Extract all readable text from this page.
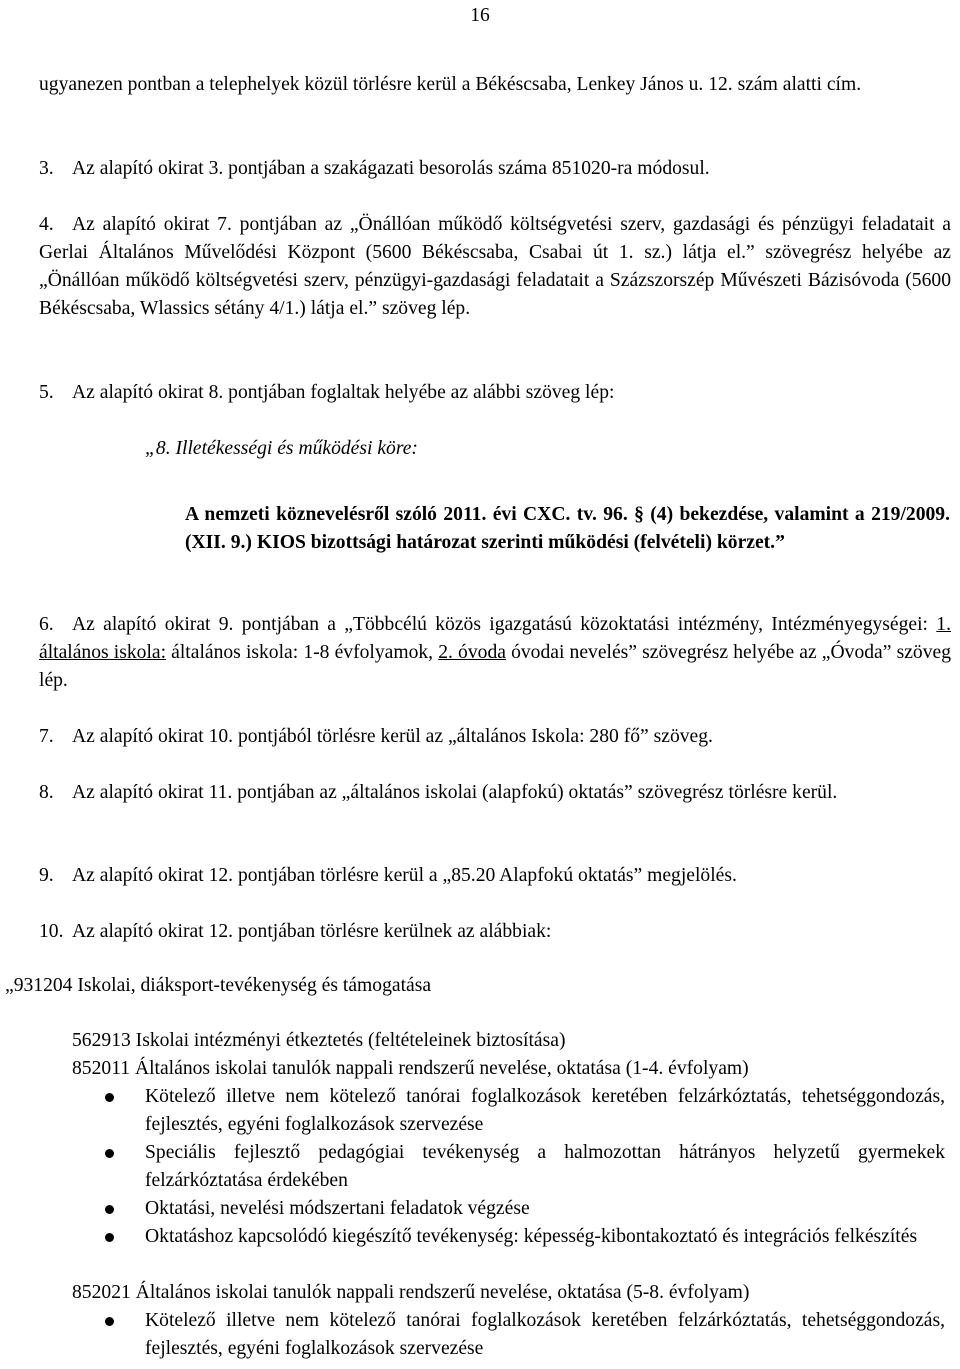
16

ugyanezen pontban a telephelyek közül törlésre kerül a Békéscsaba, Lenkey János u. 12. szám alatti cím.

3. Az alapító okirat 3. pontjában a szakágazati besorolás száma 851020-ra módosul.

4. Az alapító okirat 7. pontjában az „Önállóan működő költségvetési szerv, gazdasági és pénzügyi feladatait a Gerlai Általános Művelődési Központ (5600 Békéscsaba, Csabai út 1. sz.) látja el.” szövegrész helyébe az „Önállóan működő költségvetési szerv, pénzügyi-gazdasági feladatait a Százszorszép Művészeti Bázisóvoda (5600 Békéscsaba, Wlassics sétány 4/1.) látja el.” szöveg lép.

5. Az alapító okirat 8. pontjában foglaltak helyébe az alábbi szöveg lép:

„8. Illetékességi és működési köre:

A nemzeti köznevelésről szóló 2011. évi CXC. tv. 96. § (4) bekezdése, valamint a 219/2009. (XII. 9.) KIOS bizottsági határozat szerinti működési (felvételi) körzet.”

6. Az alapító okirat 9. pontjában a „Többcélú közös igazgatású közoktatási intézmény, Intézményegységei: 1. általános iskola: általános iskola: 1-8 évfolyamok, 2. óvoda óvodai nevelés” szövegrész helyébe az „Óvoda” szöveg lép.

7. Az alapító okirat 10. pontjából törlésre kerül az „általános Iskola: 280 fő” szöveg.

8. Az alapító okirat 11. pontjában az „általános iskolai (alapfokú) oktatás” szövegrész törlésre kerül.

9. Az alapító okirat 12. pontjában törlésre kerül a „85.20 Alapfokú oktatás” megjelölés.

10. Az alapító okirat 12. pontjában törlésre kerülnek az alábbiak:

„931204 Iskolai, diáksport-tevékenység és támogatása

562913 Iskolai intézményi étkeztetés (feltételeinek biztosítása)

852011 Általános iskolai tanulók nappali rendszerű nevelése, oktatása (1-4. évfolyam)

Kötelező illetve nem kötelező tanórai foglalkozások keretében felzárkóztatás, tehetséggondozás, fejlesztés, egyéni foglalkozások szervezése

Speciális fejlesztő pedagógiai tevékenység a halmozottan hátrányos helyzetű gyermekek felzárkóztatása érdekében

Oktatási, nevelési módszertani feladatok végzése

Oktatáshoz kapcsolódó kiegészítő tevékenység: képesség-kibontakoztató és integrációs felkészítés

852021 Általános iskolai tanulók nappali rendszerű nevelése, oktatása (5-8. évfolyam)

Kötelező illetve nem kötelező tanórai foglalkozások keretében felzárkóztatás, tehetséggondozás, fejlesztés, egyéni foglalkozások szervezése
